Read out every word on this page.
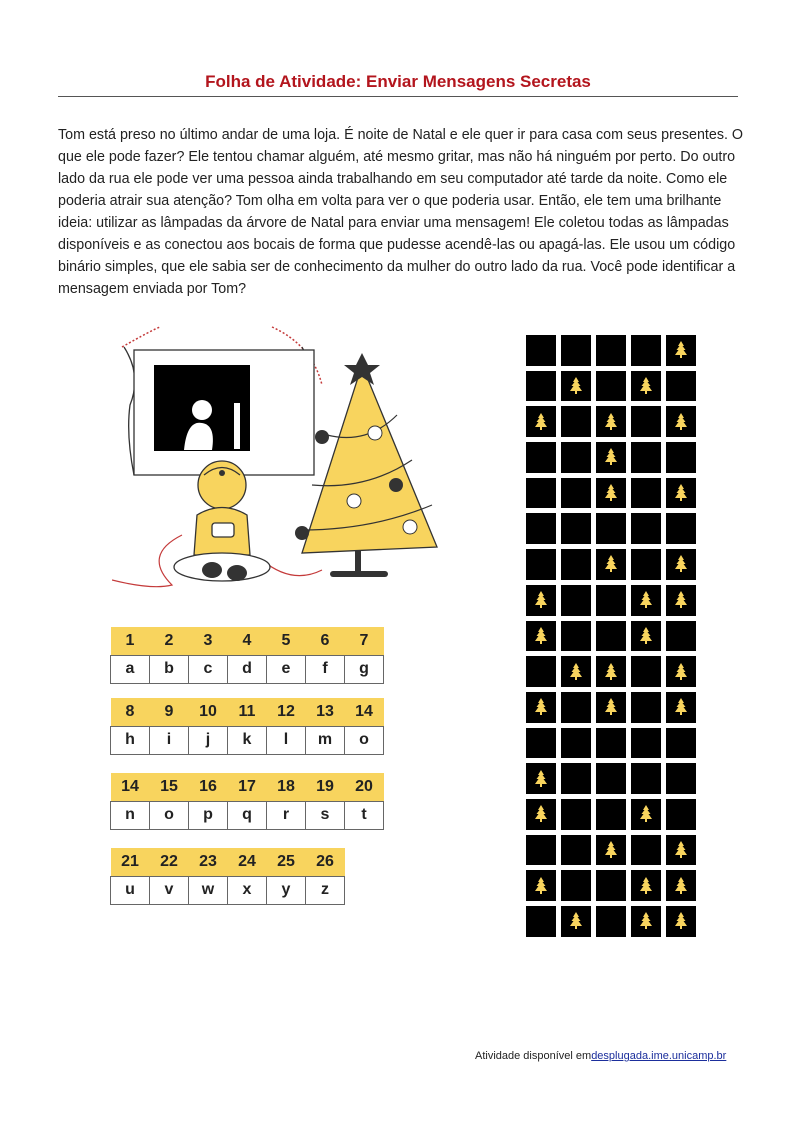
Folha de Atividade: Enviar Mensagens Secretas
Tom está preso no último andar de uma loja. É noite de Natal e ele quer ir para casa com seus presentes. O
que ele pode fazer? Ele tentou chamar alguém, até mesmo gritar, mas não há ninguém por perto. Do outro
lado da rua ele pode ver uma pessoa ainda trabalhando em seu computador até tarde da noite. Como ele
poderia atrair sua atenção? Tom olha em volta para ver o que poderia usar. Então, ele tem uma brilhante
ideia: utilizar as lâmpadas da árvore de Natal para enviar uma mensagem! Ele coletou todas as lâmpadas
disponíveis e as conectou aos bocais de forma que pudesse acendê-las ou apagá-las. Ele usou um código
binário simples, que ele sabia ser de conhecimento da mulher do outro lado da rua. Você pode identificar a
mensagem enviada por Tom?
1	2	3	4	5	6	7
a	b	c	d	e	f	g
8	9	10	11	12	13	14
h	i	j	k	l	m	o
14	15	16	17	18	19	20
n	o	p	q	r	s	t
21	22	23	24	25	26
u	v	w	x	y	z
Atividade disponível emdesplugada.ime.unicamp.br
